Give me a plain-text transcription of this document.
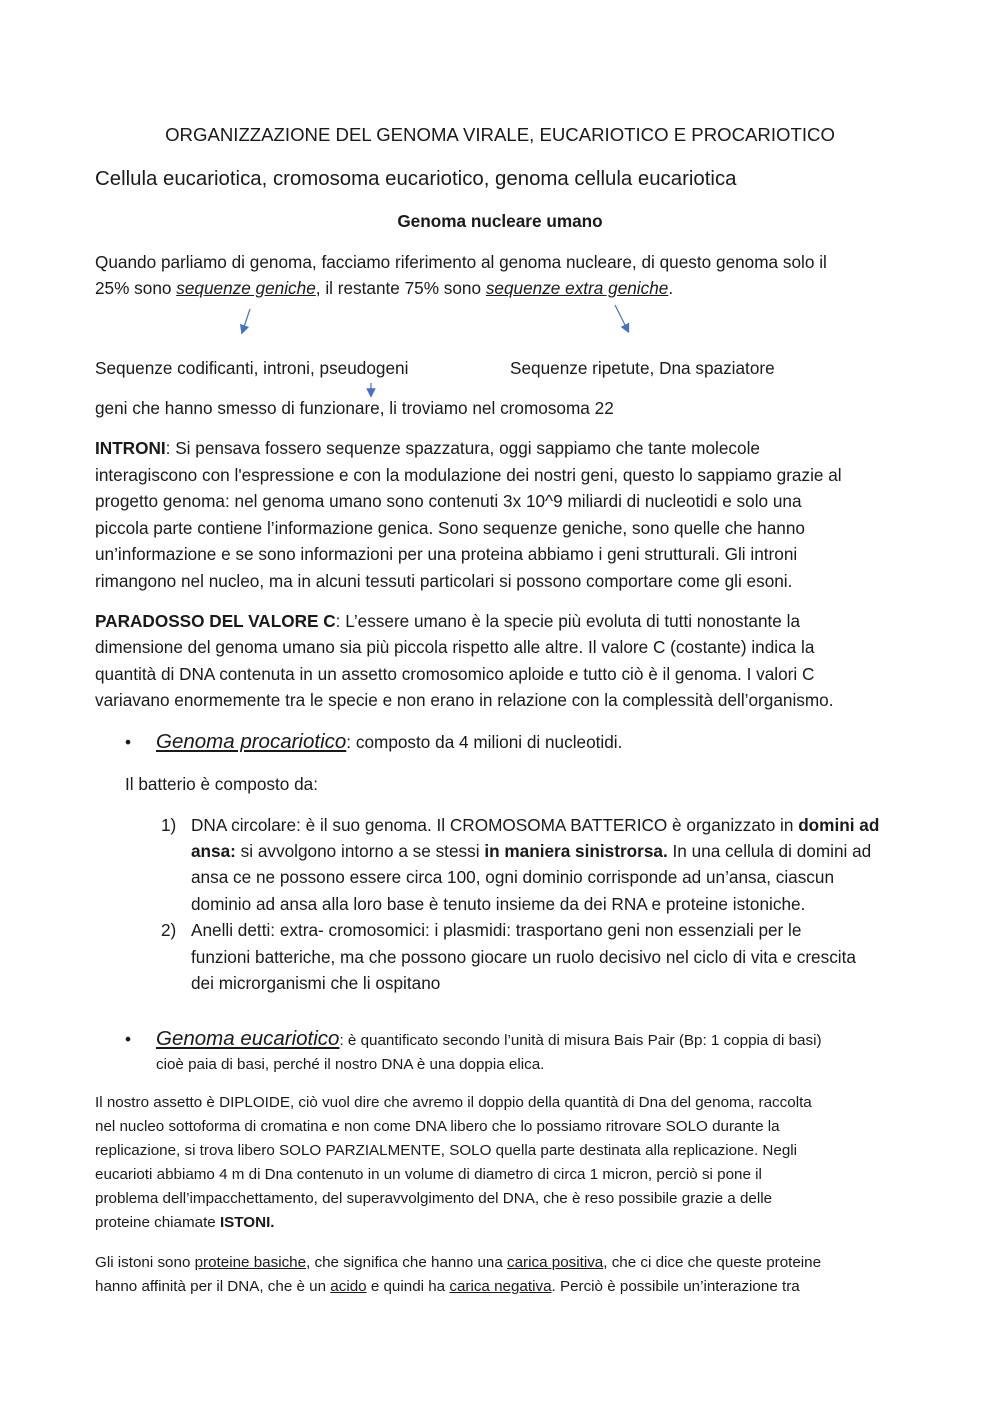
ORGANIZZAZIONE DEL GENOMA VIRALE, EUCARIOTICO E PROCARIOTICO
Cellula eucariotica, cromosoma eucariotico, genoma cellula eucariotica
Genoma nucleare umano
Quando parliamo di genoma, facciamo riferimento al genoma nucleare, di questo genoma solo il
25% sono sequenze geniche, il restante 75% sono sequenze extra geniche.
Sequenze codificanti, introni, pseudogeni	Sequenze ripetute, Dna spaziatore
geni che hanno smesso di funzionare, li troviamo nel cromosoma 22
INTRONI: Si pensava fossero sequenze spazzatura, oggi sappiamo che tante molecole
interagiscono con l'espressione e con la modulazione dei nostri geni, questo lo sappiamo grazie al
progetto genoma: nel genoma umano sono contenuti 3x 10^9 miliardi di nucleotidi e solo una
piccola parte contiene l’informazione genica. Sono sequenze geniche, sono quelle che hanno
un’informazione e se sono informazioni per una proteina abbiamo i geni strutturali. Gli introni
rimangono nel nucleo, ma in alcuni tessuti particolari si possono comportare come gli esoni.
PARADOSSO DEL VALORE C: L’essere umano è la specie più evoluta di tutti nonostante la
dimensione del genoma umano sia più piccola rispetto alle altre. Il valore C (costante) indica la
quantità di DNA contenuta in un assetto cromosomico aploide e tutto ciò è il genoma. I valori C
variavano enormemente tra le specie e non erano in relazione con la complessità dell’organismo.
• Genoma procariotico: composto da 4 milioni di nucleotidi.
Il batterio è composto da:
1) DNA circolare: è il suo genoma. Il CROMOSOMA BATTERICO è organizzato in domini ad
ansa: si avvolgono intorno a se stessi in maniera sinistrorsa. In una cellula di domini ad
ansa ce ne possono essere circa 100, ogni dominio corrisponde ad un’ansa, ciascun
dominio ad ansa alla loro base è tenuto insieme da dei RNA e proteine istoniche.
2) Anelli detti: extra- cromosomici: i plasmidi: trasportano geni non essenziali per le
funzioni batteriche, ma che possono giocare un ruolo decisivo nel ciclo di vita e crescita
dei microrganismi che li ospitano
• Genoma eucariotico: è quantificato secondo l’unità di misura Bais Pair (Bp: 1 coppia di basi)
cioè paia di basi, perché il nostro DNA è una doppia elica.
Il nostro assetto è DIPLOIDE, ciò vuol dire che avremo il doppio della quantità di Dna del genoma, raccolta
nel nucleo sottoforma di cromatina e non come DNA libero che lo possiamo ritrovare SOLO durante la
replicazione, si trova libero SOLO PARZIALMENTE, SOLO quella parte destinata alla replicazione. Negli
eucarioti abbiamo 4 m di Dna contenuto in un volume di diametro di circa 1 micron, perciò si pone il
problema dell’impacchettamento, del superavvolgimento del DNA, che è reso possibile grazie a delle
proteine chiamate ISTONI.
Gli istoni sono proteine basiche, che significa che hanno una carica positiva, che ci dice che queste proteine
hanno affinità per il DNA, che è un acido e quindi ha carica negativa. Perciò è possibile un’interazione tra
